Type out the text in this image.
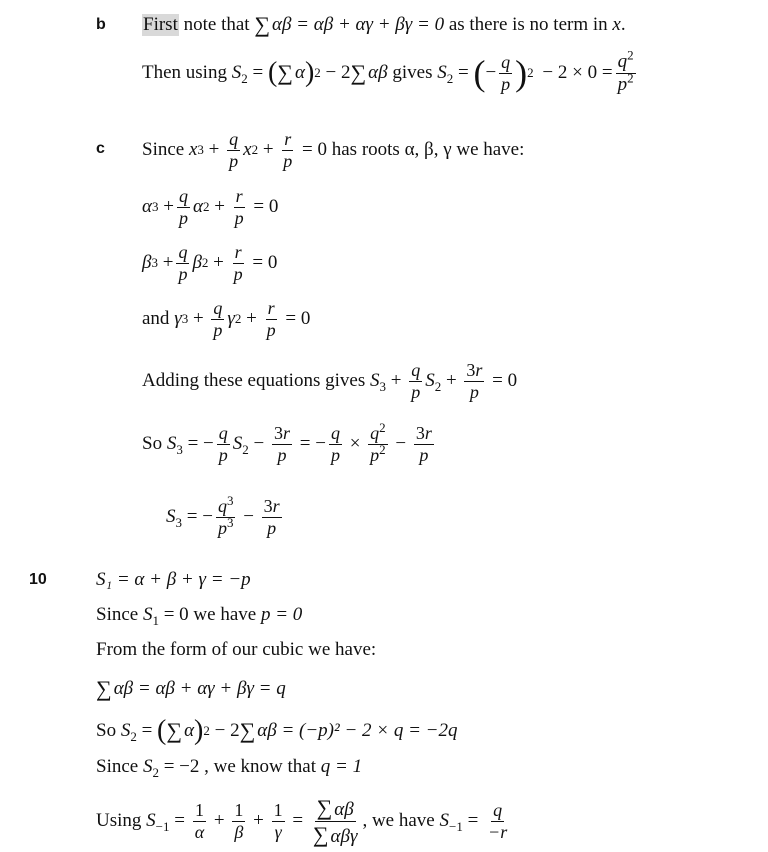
b
c
10
First note that ∑ αβ = αβ + αγ + βγ = 0 as there is no term in x .
Then using $S_2$ = ( ∑ α ) 2 − 2 ∑ αβ gives $S_2$ = ( − $\frac{q}{p}$ ) $2 - 2 \times 0 = \frac{q^2}{p^2}$
Since x $3 + \frac{q}{p}$ x $2 + \frac{r}{p} = 0$ has roots α, β, γ we have:
α $3 + \frac{q}{p}$ α $2 + \frac{r}{p} = 0$
β $3 + \frac{q}{p}$ β $2 + \frac{r}{p} = 0$
and γ $3 + \frac{q}{p}$ γ $2 + \frac{r}{p} = 0$
Adding these equations gives $S_3 + \frac{q}{p} S_2 + \frac{3r}{p} = 0$
So $S_3$ = − $\frac{q}{p} S_2 - \frac{3r}{p}$ = − $\frac{q}{p} \times \frac{q^2}{p^2} - \frac{3r}{p}$
$S_3$ = − $\frac{q^3}{p^3} - \frac{3r}{p}$
S₁ = α + β + γ = −p
Since $S_1 = 0$ we have p = 0
From the form of our cubic we have:
∑ αβ = αβ + αγ + βγ = q
So $S_2$ = ( ∑ α ) 2 − 2 ∑ αβ = (−p)² − 2 × q = −2q
Since $S_2 = -2$ , we know that q = 1
Using $S_{-1} = \frac{1}{\alpha} + \frac{1}{\beta} + \frac{1}{\gamma} = \frac{\sum \alpha\beta}{\text{∑ αβγ}}$ , we have $S_{-1} = \frac{q}{-r}$
